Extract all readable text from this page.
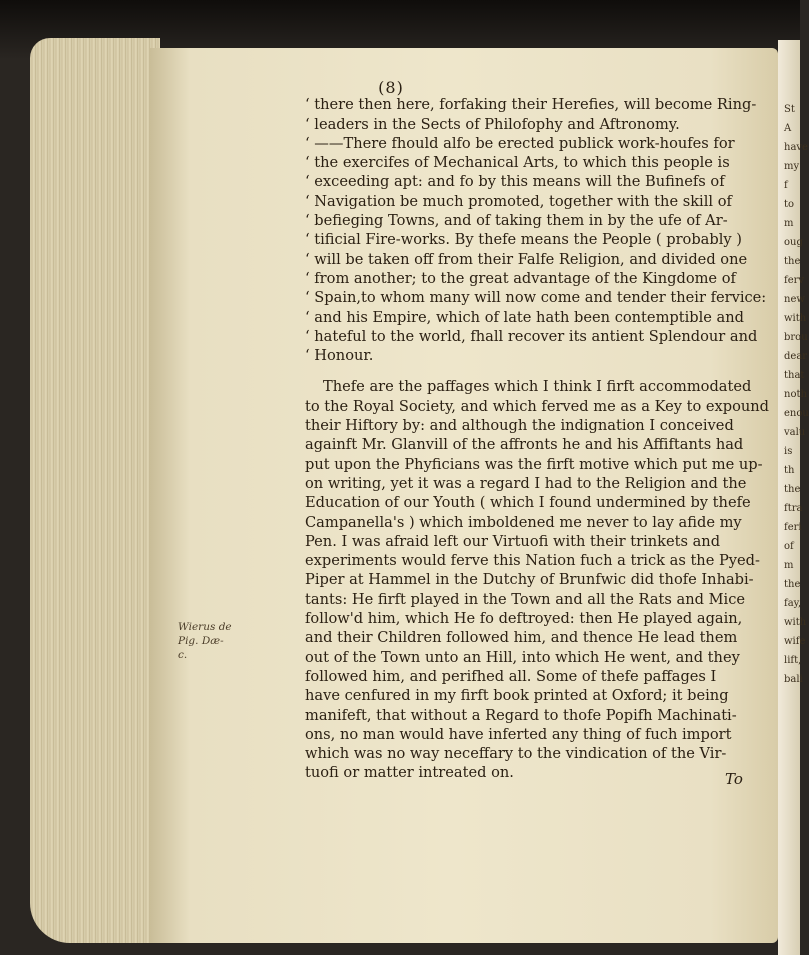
Wierus de
Pig. Dæ-
c.
(8)
‘ there then here, forfaking their Herefies, will become Ring-
‘ leaders in the Sects of Philofophy and Aftronomy.
‘ ——There fhould alfo be erected publick work-houfes for
‘ the exercifes of Mechanical Arts, to which this people is
‘ exceeding apt: and fo by this means will the Bufinefs of
‘ Navigation be much promoted, together with the skill of
‘ befieging Towns, and of taking them in by the ufe of Ar-
‘ tificial Fire-works. By thefe means the People ( probably )
‘ will be taken off from their Falfe Religion, and divided one
‘ from another; to the great advantage of the Kingdome of
‘ Spain,to whom many will now come and tender their fervice:
‘ and his Empire, which of late hath been contemptible and
‘ hateful to the world, fhall recover its antient Splendour and
‘ Honour.
Thefe are the paffages which I think I firft accommodated
to the Royal Society, and which ferved me as a Key to expound
their Hiftory by: and although the indignation I conceived
againft Mr. Glanvill of the affronts he and his Affiftants had
put upon the Phyficians was the firft motive which put me up-
on writing, yet it was a regard I had to the Religion and the
Education of our Youth ( which I found undermined by thefe
Campanella's ) which imboldened me never to lay afide my
Pen. I was afraid left our Virtuofi with their trinkets and
experiments would ferve this Nation fuch a trick as the Pyed-
Piper at Hammel in the Dutchy of Brunfwic did thofe Inhabi-
tants: He firft played in the Town and all the Rats and Mice
follow'd him, which He fo deftroyed: then He played again,
and their Children followed him, and thence He lead them
out of the Town unto an Hill, into which He went, and they
followed him, and perifhed all. Some of thefe paffages I
have cenfured in my firft book printed at Oxford; it being
manifeft, that without a Regard to thofe Popifh Machinati-
ons, no man would have inferted any thing of fuch import
which was no way neceffary to the vindication of the Vir-
tuofi or matter intreated on.	To
St
A
have
my f
to m
oug
the
ferv
new
with
brou
dear
that
noth
enou
valu
is th
the
ftra
feri
of m
the
fay,
with
wife
lift,
bali
